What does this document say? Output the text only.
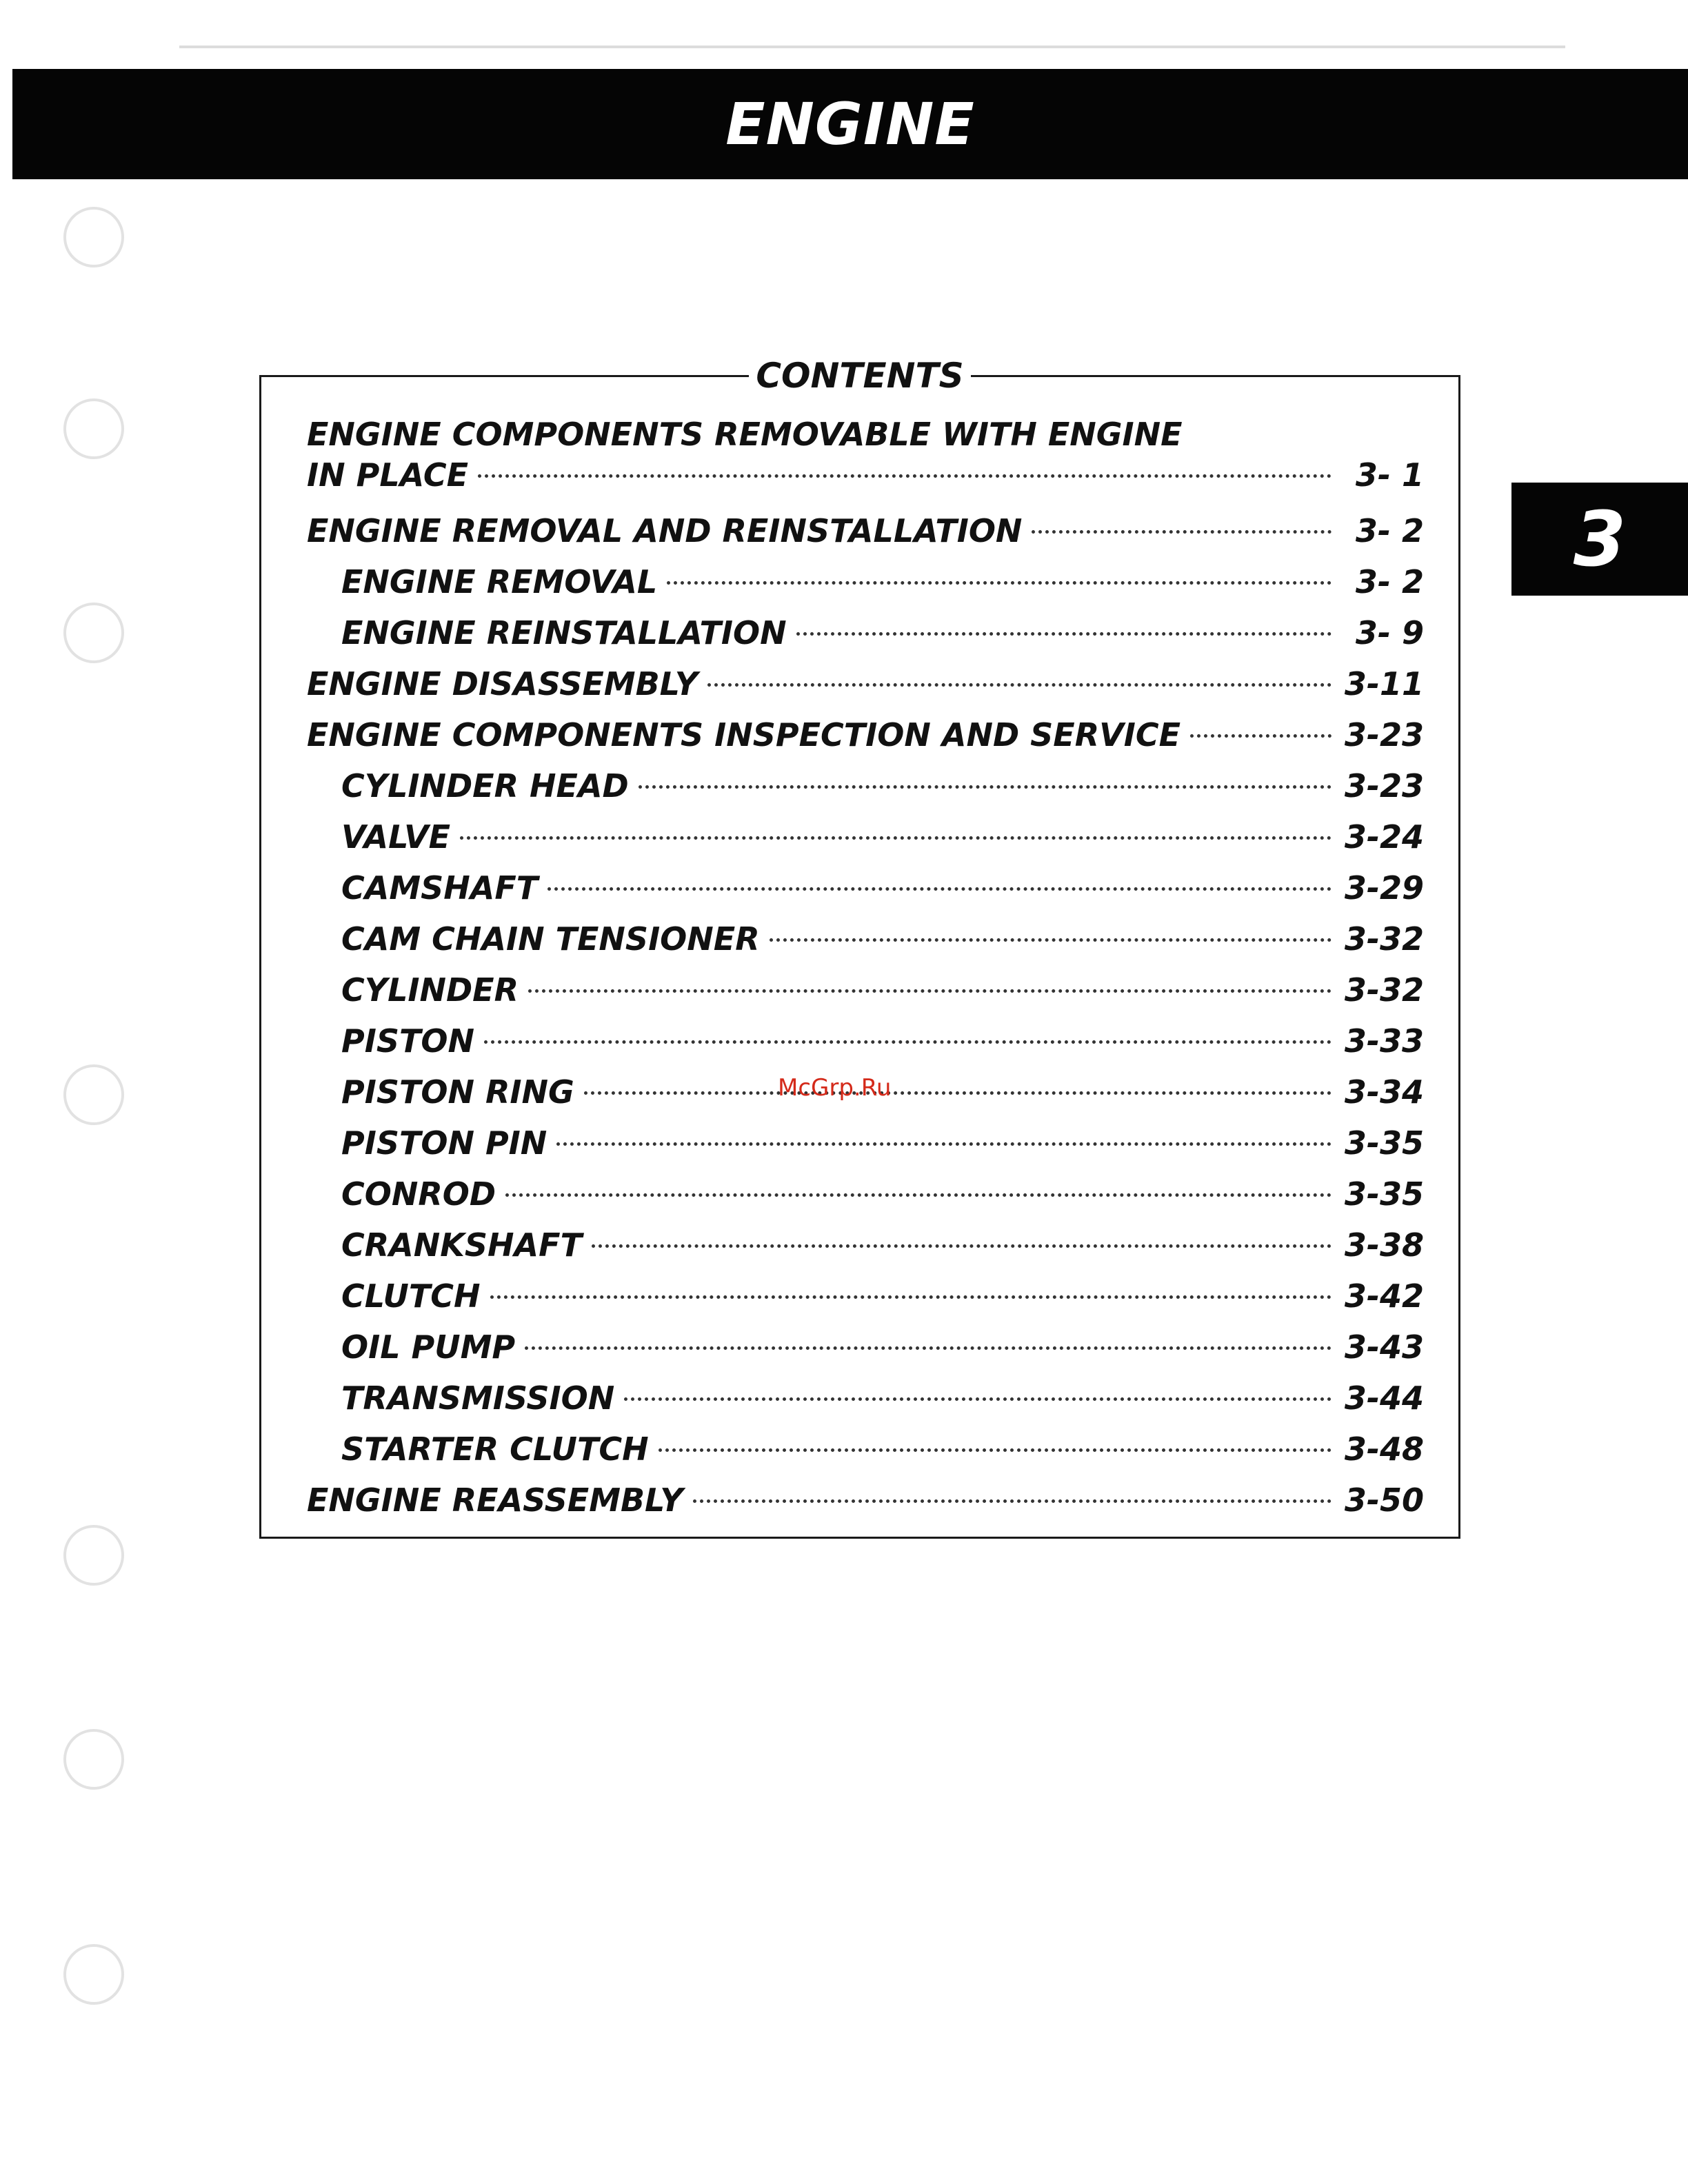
ENGINE
3
CONTENTS
ENGINE COMPONENTS REMOVABLE WITH ENGINE
IN PLACE	3- 1
ENGINE REMOVAL AND REINSTALLATION	3- 2
ENGINE REMOVAL	3- 2
ENGINE REINSTALLATION	3- 9
ENGINE DISASSEMBLY	3-11
ENGINE COMPONENTS INSPECTION AND SERVICE	3-23
CYLINDER HEAD	3-23
VALVE	3-24
CAMSHAFT	3-29
CAM CHAIN TENSIONER	3-32
CYLINDER	3-32
PISTON	3-33
PISTON RING	3-34
PISTON PIN	3-35
CONROD	3-35
CRANKSHAFT	3-38
CLUTCH	3-42
OIL PUMP	3-43
TRANSMISSION	3-44
STARTER CLUTCH	3-48
ENGINE REASSEMBLY	3-50
McGrp.Ru
